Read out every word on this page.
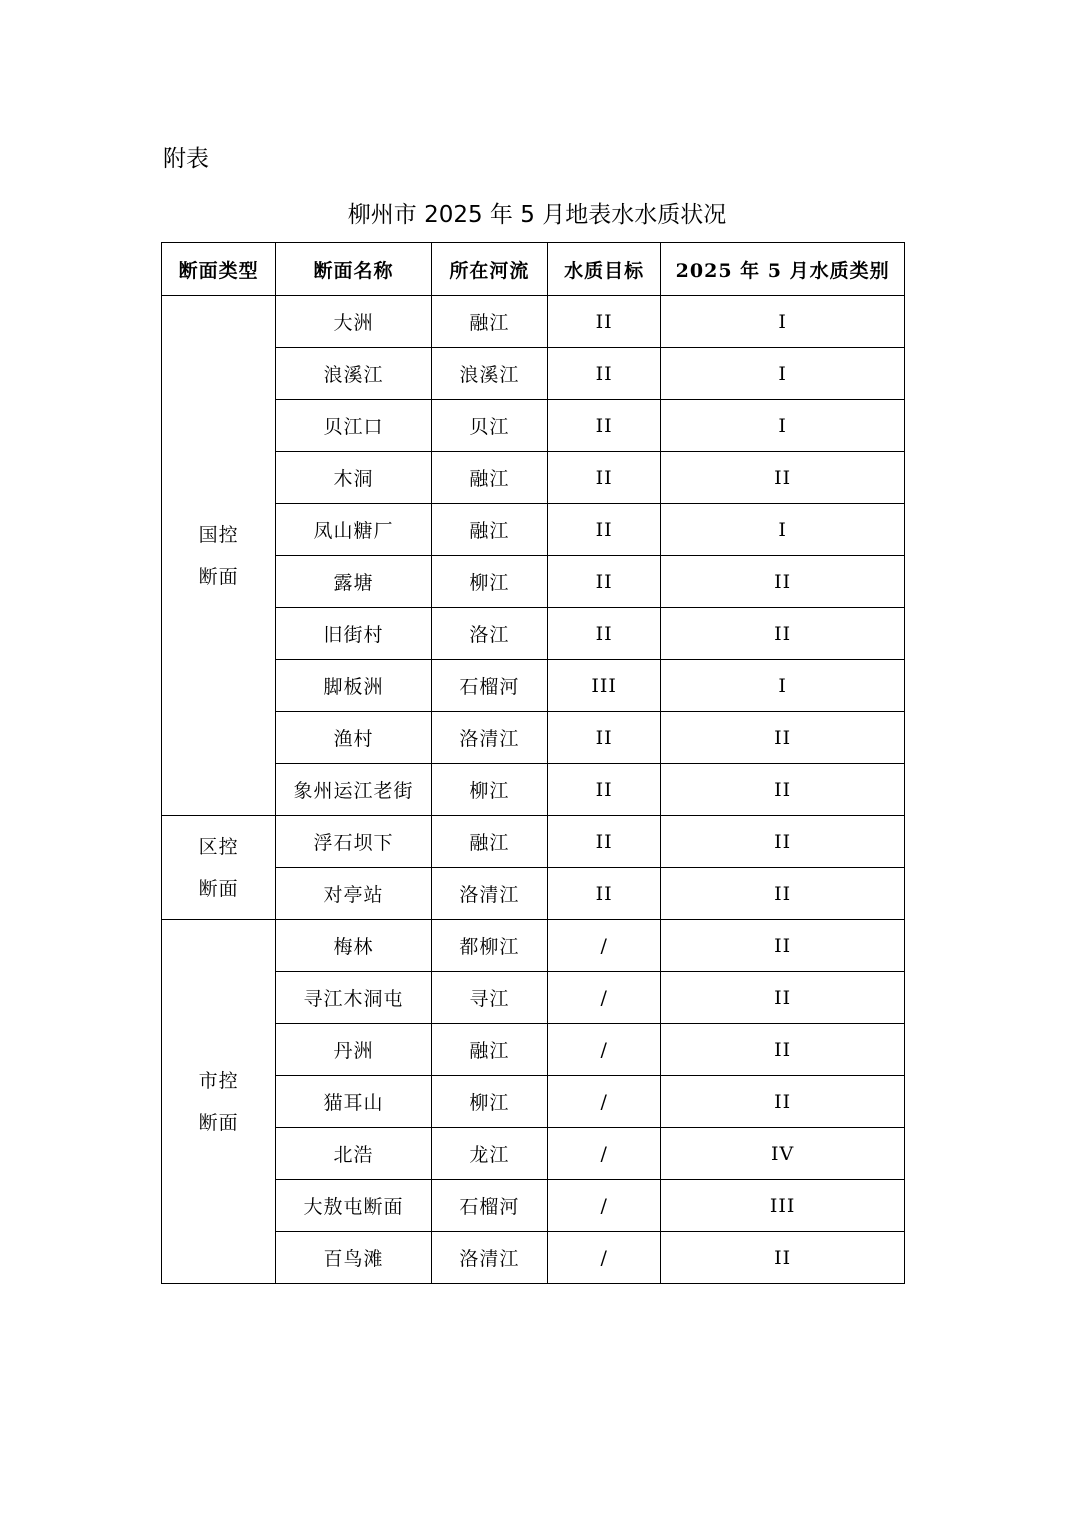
附表
柳州市 2025 年 5 月地表水水质状况
断面类型	断面名称	所在河流	水质目标	2025 年 5 月水质类别

国控
断面	大洲	融江	II	I
	浪溪江	浪溪江	II	I
	贝江口	贝江	II	I
	木洞	融江	II	II
	凤山糖厂	融江	II	I
	露塘	柳江	II	II
	旧街村	洛江	II	II
	脚板洲	石榴河	III	I
	渔村	洛清江	II	II
	象州运江老街	柳江	II	II

区控
断面	浮石坝下	融江	II	II
	对亭站	洛清江	II	II

市控
断面	梅林	都柳江	/	II
	寻江木洞屯	寻江	/	II
	丹洲	融江	/	II
	猫耳山	柳江	/	II
	北浩	龙江	/	IV
	大敖屯断面	石榴河	/	III
	百鸟滩	洛清江	/	II
